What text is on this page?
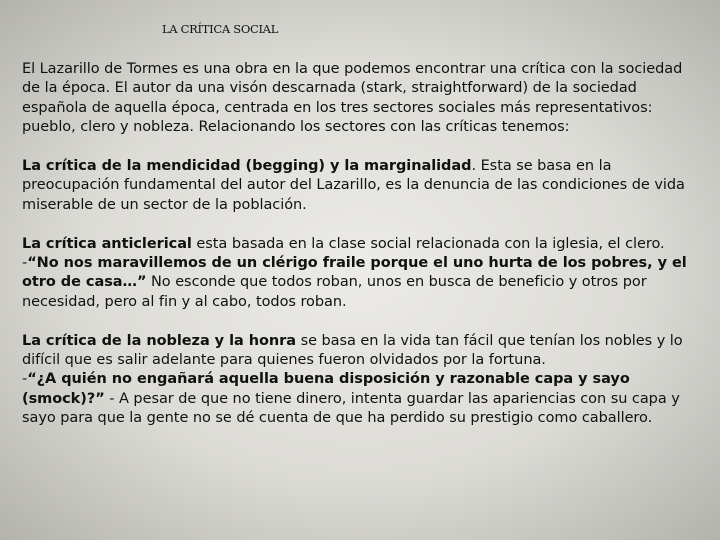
LA CRÍTICA SOCIAL

El Lazarillo de Tormes es una obra en la que podemos encontrar una crítica con la sociedad de la época. El autor da una visón descarnada (stark, straightforward) de la sociedad española de aquella época, centrada en los tres sectores sociales más representativos: pueblo, clero y nobleza. Relacionando los sectores con las críticas tenemos:

La crítica de la mendicidad (begging) y la marginalidad. Esta se basa en la preocupación fundamental del autor del Lazarillo, es la denuncia de las condiciones de vida miserable de un sector de la población.

La crítica anticlerical esta basada en la clase social relacionada con la iglesia, el clero. -“No nos maravillemos de un clérigo fraile porque el uno hurta de los pobres, y el otro de casa…” No esconde que todos roban, unos en busca de beneficio y otros por necesidad, pero al fin y al cabo, todos roban.

La crítica de la nobleza y la honra se basa en la vida tan fácil que tenían los nobles y lo difícil que es salir adelante para quienes fueron olvidados por la fortuna.

-“¿A quién no engañará aquella buena disposición y razonable capa y sayo (smock)?” - A pesar de que no tiene dinero, intenta guardar las apariencias con su capa y sayo para que la gente no se dé cuenta de que ha perdido su prestigio como caballero.
